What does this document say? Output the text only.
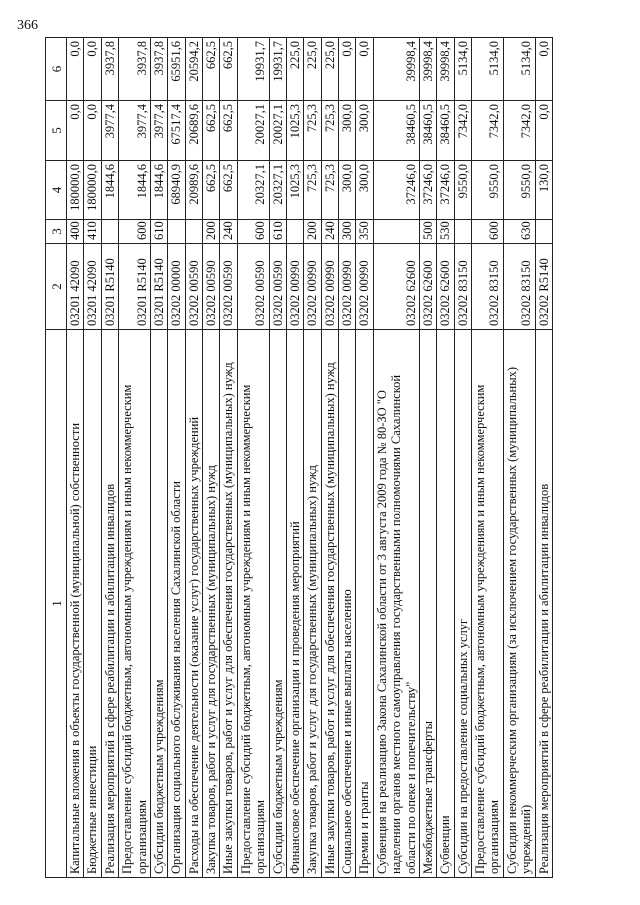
366
1	2	3	4	5	6
Капитальные вложения в объекты государственной (муниципальной) собственности	03201 42090	400	180000,0	0,0	0,0
Бюджетные инвестиции	03201 42090	410	180000,0	0,0	0,0
Реализация мероприятий в сфере реабилитации и абилитации инвалидов	03201 R5140		1844,6	3977,4	3937,8
Предоставление субсидий бюджетным, автономным учреждениям и иным некоммерческим организациям	03201 R5140	600	1844,6	3977,4	3937,8
Субсидии бюджетным учреждениям	03201 R5140	610	1844,6	3977,4	3937,8
Организация социального обслуживания населения Сахалинской области	03202 00000		68940,9	67517,4	65951,6
Расходы на обеспечение деятельности (оказание услуг) государственных учреждений	03202 00590		20989,6	20689,6	20594,2
Закупка товаров, работ и услуг для государственных (муниципальных) нужд	03202 00590	200	662,5	662,5	662,5
Иные закупки товаров, работ и услуг для обеспечения государственных (муниципальных) нужд	03202 00590	240	662,5	662,5	662,5
Предоставление субсидий бюджетным, автономным учреждениям и иным некоммерческим организациям	03202 00590	600	20327,1	20027,1	19931,7
Субсидии бюджетным учреждениям	03202 00590	610	20327,1	20027,1	19931,7
Финансовое обеспечение организации и проведения мероприятий	03202 00990		1025,3	1025,3	225,0
Закупка товаров, работ и услуг для государственных (муниципальных) нужд	03202 00990	200	725,3	725,3	225,0
Иные закупки товаров, работ и услуг для обеспечения государственных (муниципальных) нужд	03202 00990	240	725,3	725,3	225,0
Социальное обеспечение и иные выплаты населению	03202 00990	300	300,0	300,0	0,0
Премии и гранты	03202 00990	350	300,0	300,0	0,0
Субвенция на реализацию Закона Сахалинской области от 3 августа 2009 года № 80-ЗО "О наделении органов местного самоуправления государственными полномочиями Сахалинской области по опеке и попечительству"	03202 62600		37246,0	38460,5	39998,4
Межбюджетные трансферты	03202 62600	500	37246,0	38460,5	39998,4
Субвенции	03202 62600	530	37246,0	38460,5	39998,4
Субсидии на предоставление социальных услуг	03202 83150		9550,0	7342,0	5134,0
Предоставление субсидий бюджетным, автономным учреждениям и иным некоммерческим организациям	03202 83150	600	9550,0	7342,0	5134,0
Субсидии некоммерческим организациям (за исключением государственных (муниципальных) учреждений)	03202 83150	630	9550,0	7342,0	5134,0
Реализация мероприятий в сфере реабилитации и абилитации инвалидов	03202 R5140		130,0	0,0	0,0
